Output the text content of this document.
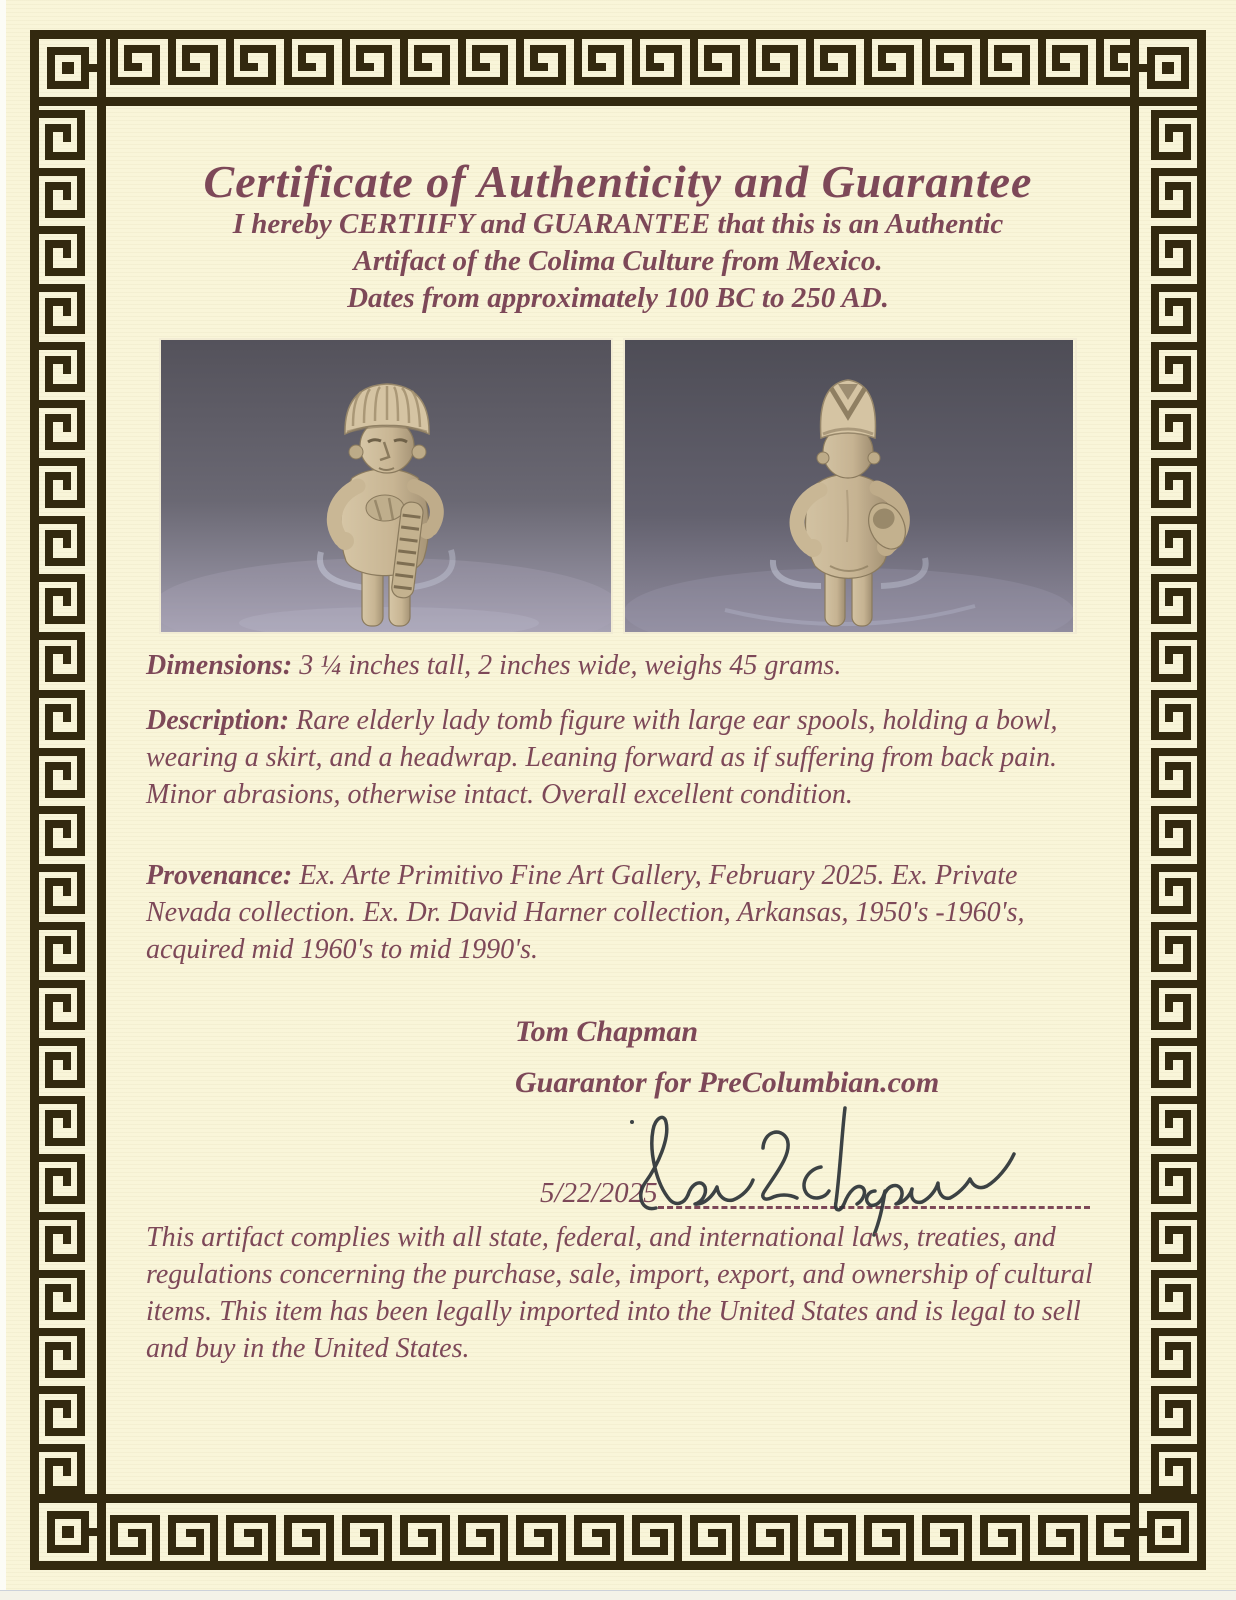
Certificate of Authenticity and Guarantee
I hereby CERTIIFY and GUARANTEE that this is an Authentic
Artifact of the Colima Culture from Mexico.
Dates from approximately 100 BC to 250 AD.

Dimensions: 3 ¼ inches tall, 2 inches wide, weighs 45 grams.

Description: Rare elderly lady tomb figure with large ear spools, holding a bowl, wearing a skirt, and a headwrap. Leaning forward as if suffering from back pain. Minor abrasions, otherwise intact. Overall excellent condition.

Provenance: Ex. Arte Primitivo Fine Art Gallery, February 2025. Ex. Private Nevada collection. Ex. Dr. David Harner collection, Arkansas, 1950's -1960's, acquired mid 1960's to mid 1990's.

Tom Chapman
Guarantor for PreColumbian.com
5/22/2025

This artifact complies with all state, federal, and international laws, treaties, and regulations concerning the purchase, sale, import, export, and ownership of cultural items. This item has been legally imported into the United States and is legal to sell and buy in the United States.
